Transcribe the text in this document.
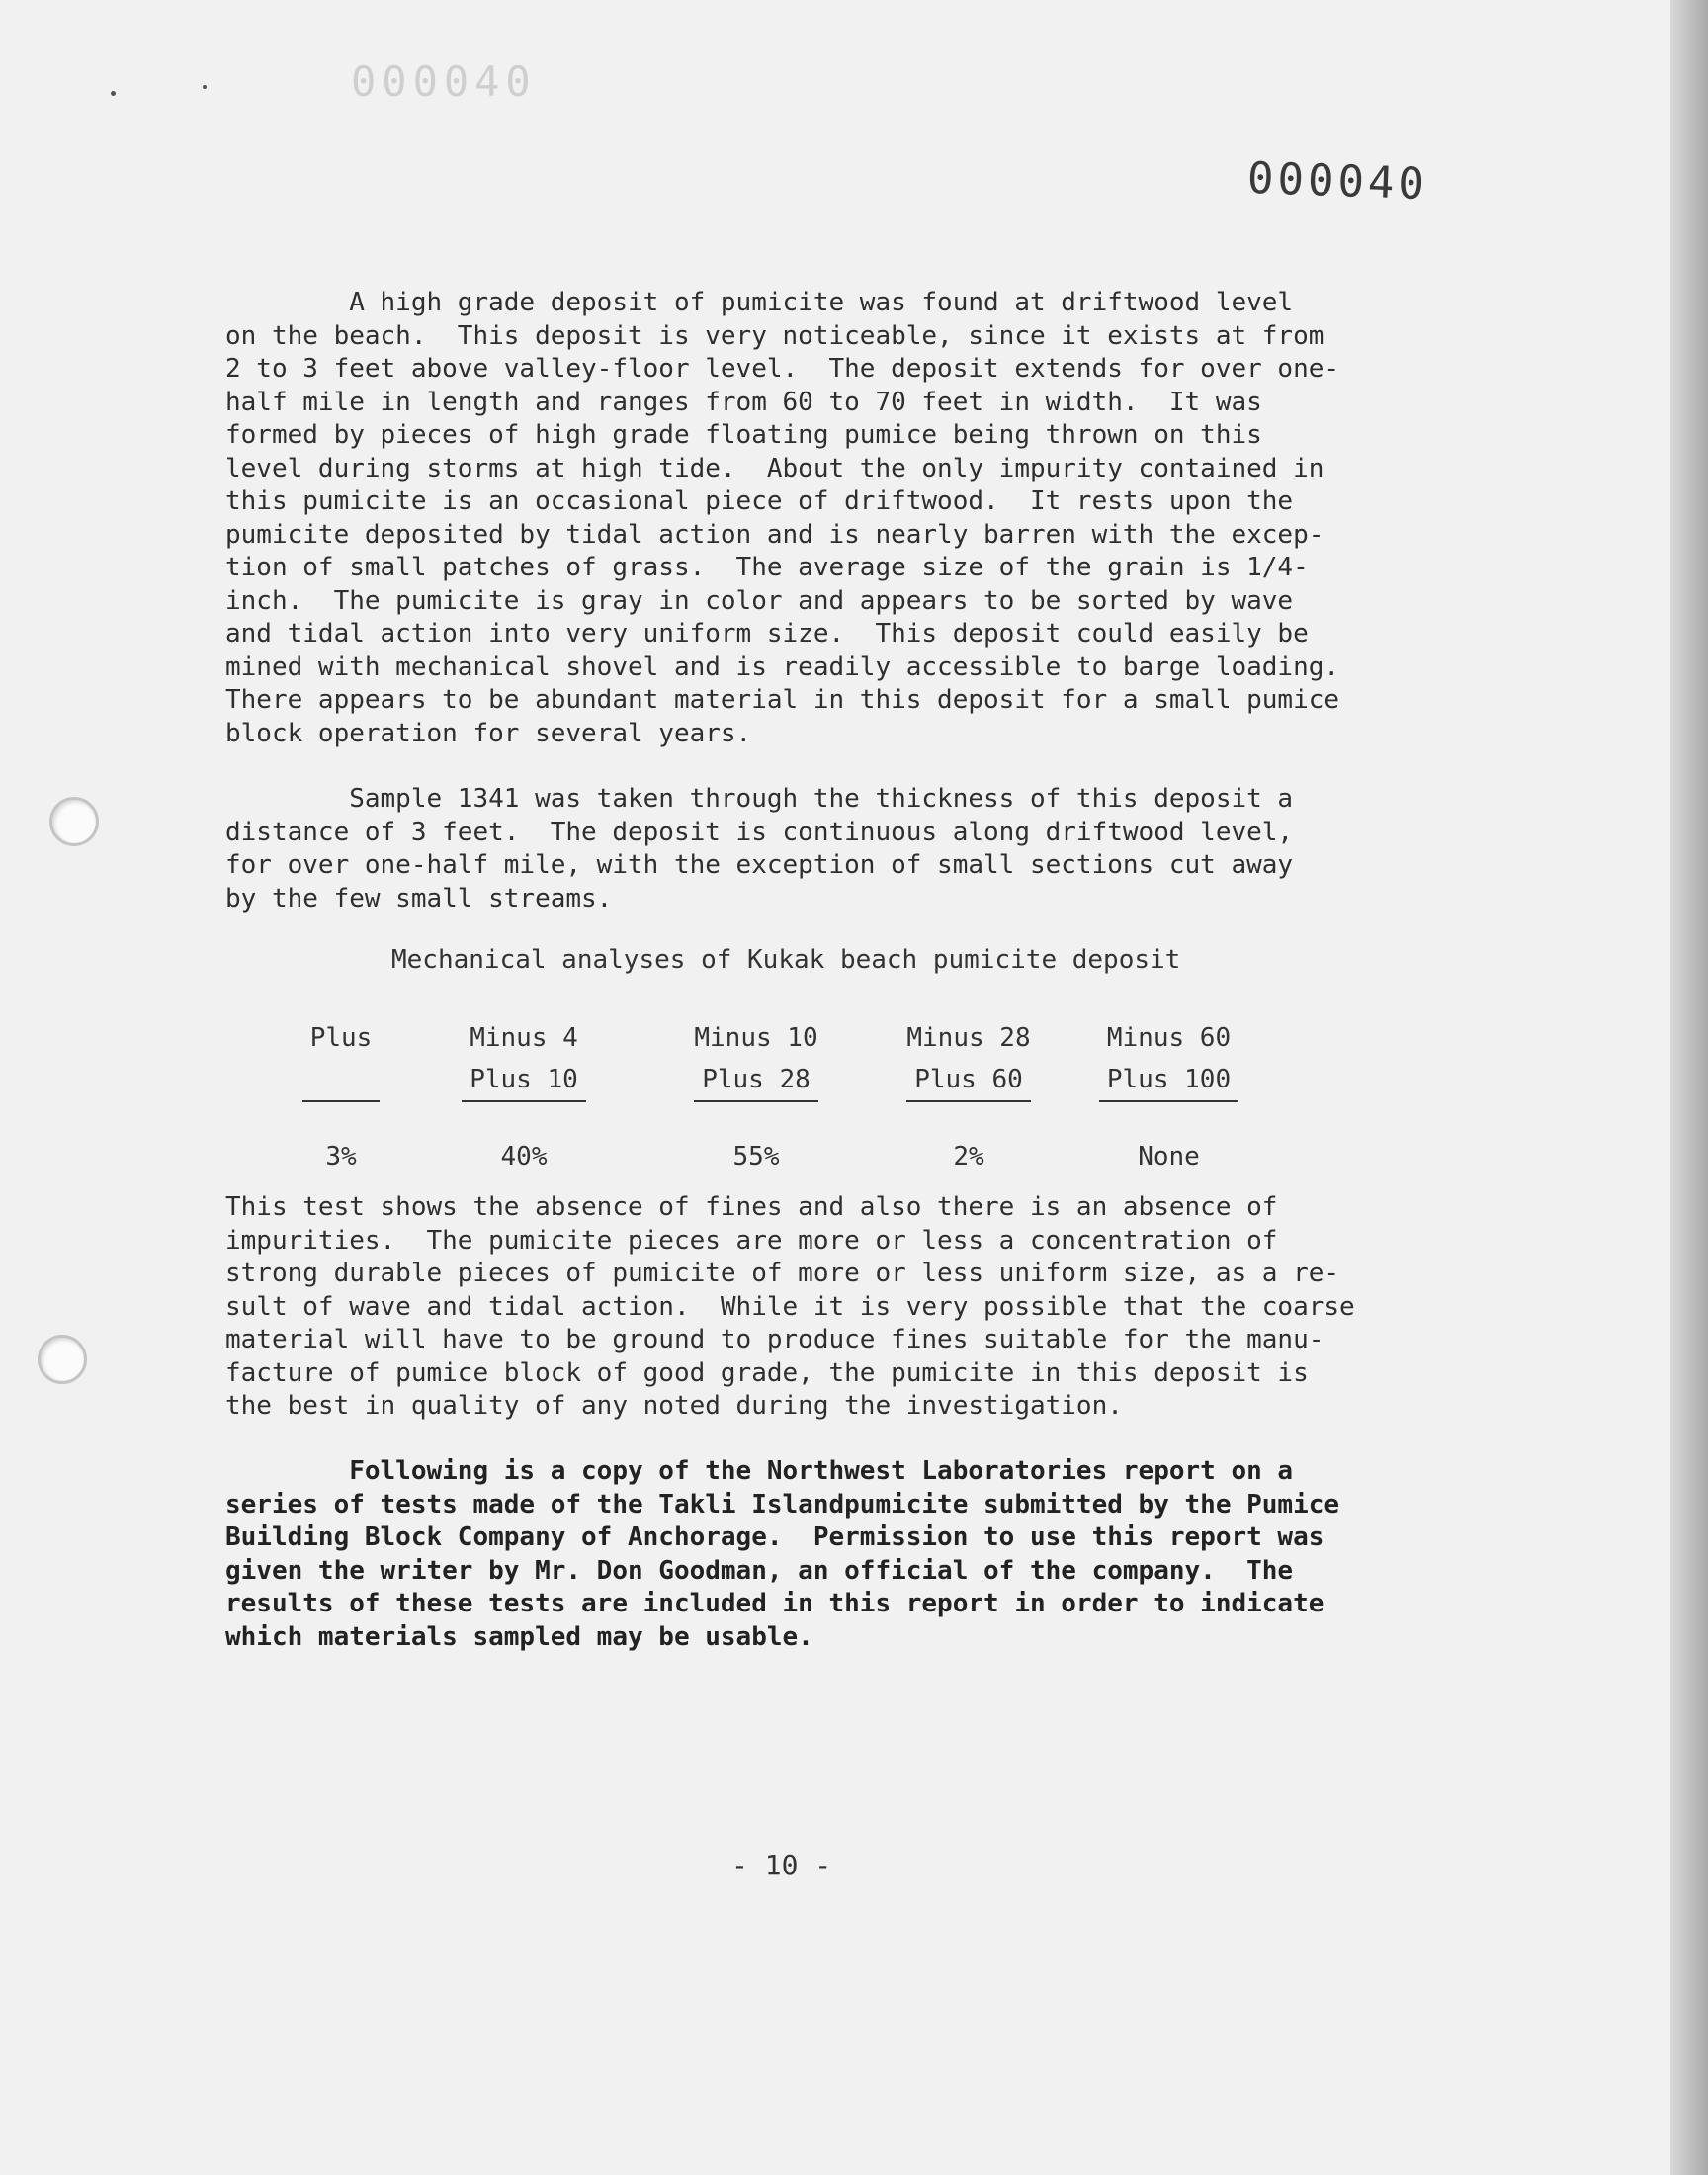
000040
000040

A high grade deposit of pumicite was found at driftwood level
on the beach.  This deposit is very noticeable, since it exists at from
2 to 3 feet above valley-floor level.  The deposit extends for over one-
half mile in length and ranges from 60 to 70 feet in width.  It was
formed by pieces of high grade floating pumice being thrown on this
level during storms at high tide.  About the only impurity contained in
this pumicite is an occasional piece of driftwood.  It rests upon the
pumicite deposited by tidal action and is nearly barren with the excep-
tion of small patches of grass.  The average size of the grain is 1/4-
inch.  The pumicite is gray in color and appears to be sorted by wave
and tidal action into very uniform size.  This deposit could easily be
mined with mechanical shovel and is readily accessible to barge loading.
There appears to be abundant material in this deposit for a small pumice
block operation for several years.

Sample 1341 was taken through the thickness of this deposit a
distance of 3 feet.  The deposit is continuous along driftwood level,
for over one-half mile, with the exception of small sections cut away
by the few small streams.

Mechanical analyses of Kukak beach pumicite deposit
Plus

3%
Minus 4
Plus 10
40%
Minus 10
Plus 28
55%
Minus 28
Plus 60
2%
Minus 60
Plus 100
None

This test shows the absence of fines and also there is an absence of
impurities.  The pumicite pieces are more or less a concentration of
strong durable pieces of pumicite of more or less uniform size, as a re-
sult of wave and tidal action.  While it is very possible that the coarse
material will have to be ground to produce fines suitable for the manu-
facture of pumice block of good grade, the pumicite in this deposit is
the best in quality of any noted during the investigation.

Following is a copy of the Northwest Laboratories report on a
series of tests made of the Takli Islandpumicite submitted by the Pumice
Building Block Company of Anchorage.  Permission to use this report was
given the writer by Mr. Don Goodman, an official of the company.  The
results of these tests are included in this report in order to indicate
which materials sampled may be usable.

- 10 -
